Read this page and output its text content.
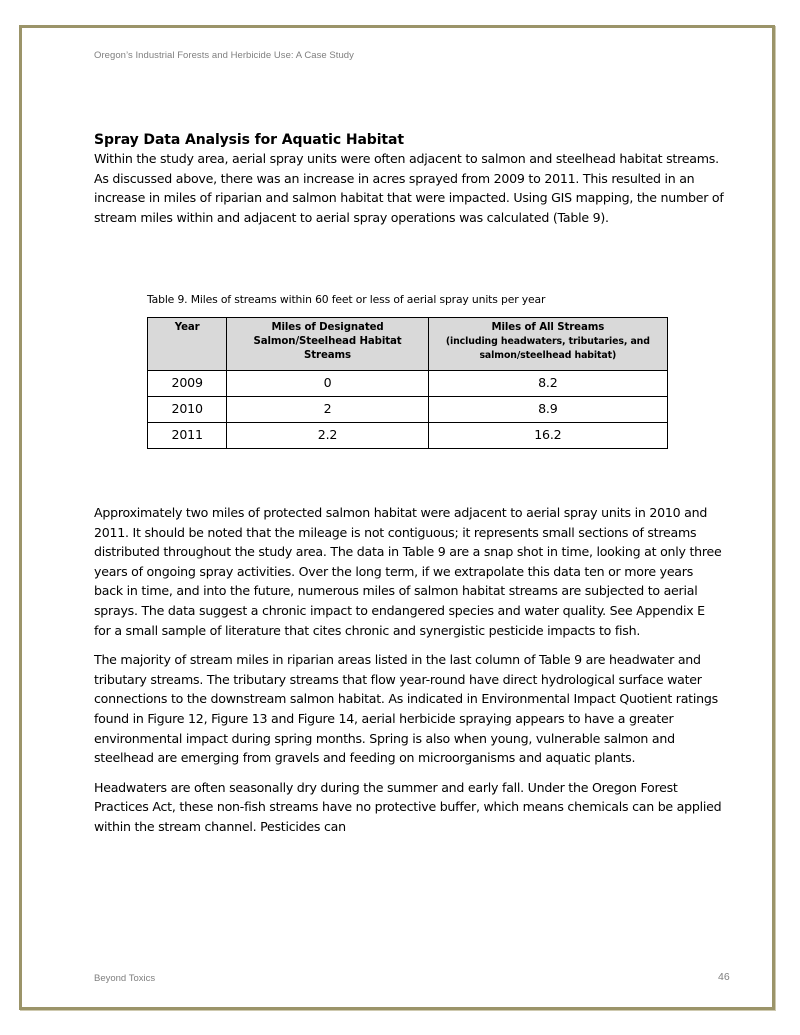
Oregon’s Industrial Forests and Herbicide Use: A Case Study
Spray Data Analysis for Aquatic Habitat

Within the study area, aerial spray units were often adjacent to salmon and steelhead habitat streams. As discussed above, there was an increase in acres sprayed from 2009 to 2011. This resulted in an increase in miles of riparian and salmon habitat that were impacted. Using GIS mapping, the number of stream miles within and adjacent to aerial spray operations was calculated (Table 9).

Table 9. Miles of streams within 60 feet or less of aerial spray units per year
Year	Miles of Designated Salmon/Steelhead Habitat Streams	Miles of All Streams
(including headwaters, tributaries, and salmon/steelhead habitat)

2009	0	8.2
2010	2	8.9
2011	2.2	16.2

Approximately two miles of protected salmon habitat were adjacent to aerial spray units in 2010 and 2011. It should be noted that the mileage is not contiguous; it represents small sections of streams distributed throughout the study area. The data in Table 9 are a snap shot in time, looking at only three years of ongoing spray activities. Over the long term, if we extrapolate this data ten or more years back in time, and into the future, numerous miles of salmon habitat streams are subjected to aerial sprays. The data suggest a chronic impact to endangered species and water quality. See Appendix E for a small sample of literature that cites chronic and synergistic pesticide impacts to fish.

The majority of stream miles in riparian areas listed in the last column of Table 9 are headwater and tributary streams. The tributary streams that flow year-round have direct hydrological surface water connections to the downstream salmon habitat. As indicated in Environmental Impact Quotient ratings found in Figure 12, Figure 13 and Figure 14, aerial herbicide spraying appears to have a greater environmental impact during spring months. Spring is also when young, vulnerable salmon and steelhead are emerging from gravels and feeding on microorganisms and aquatic plants.

Headwaters are often seasonally dry during the summer and early fall. Under the Oregon Forest Practices Act, these non-fish streams have no protective buffer, which means chemicals can be applied within the stream channel. Pesticides can

Beyond Toxics	46
